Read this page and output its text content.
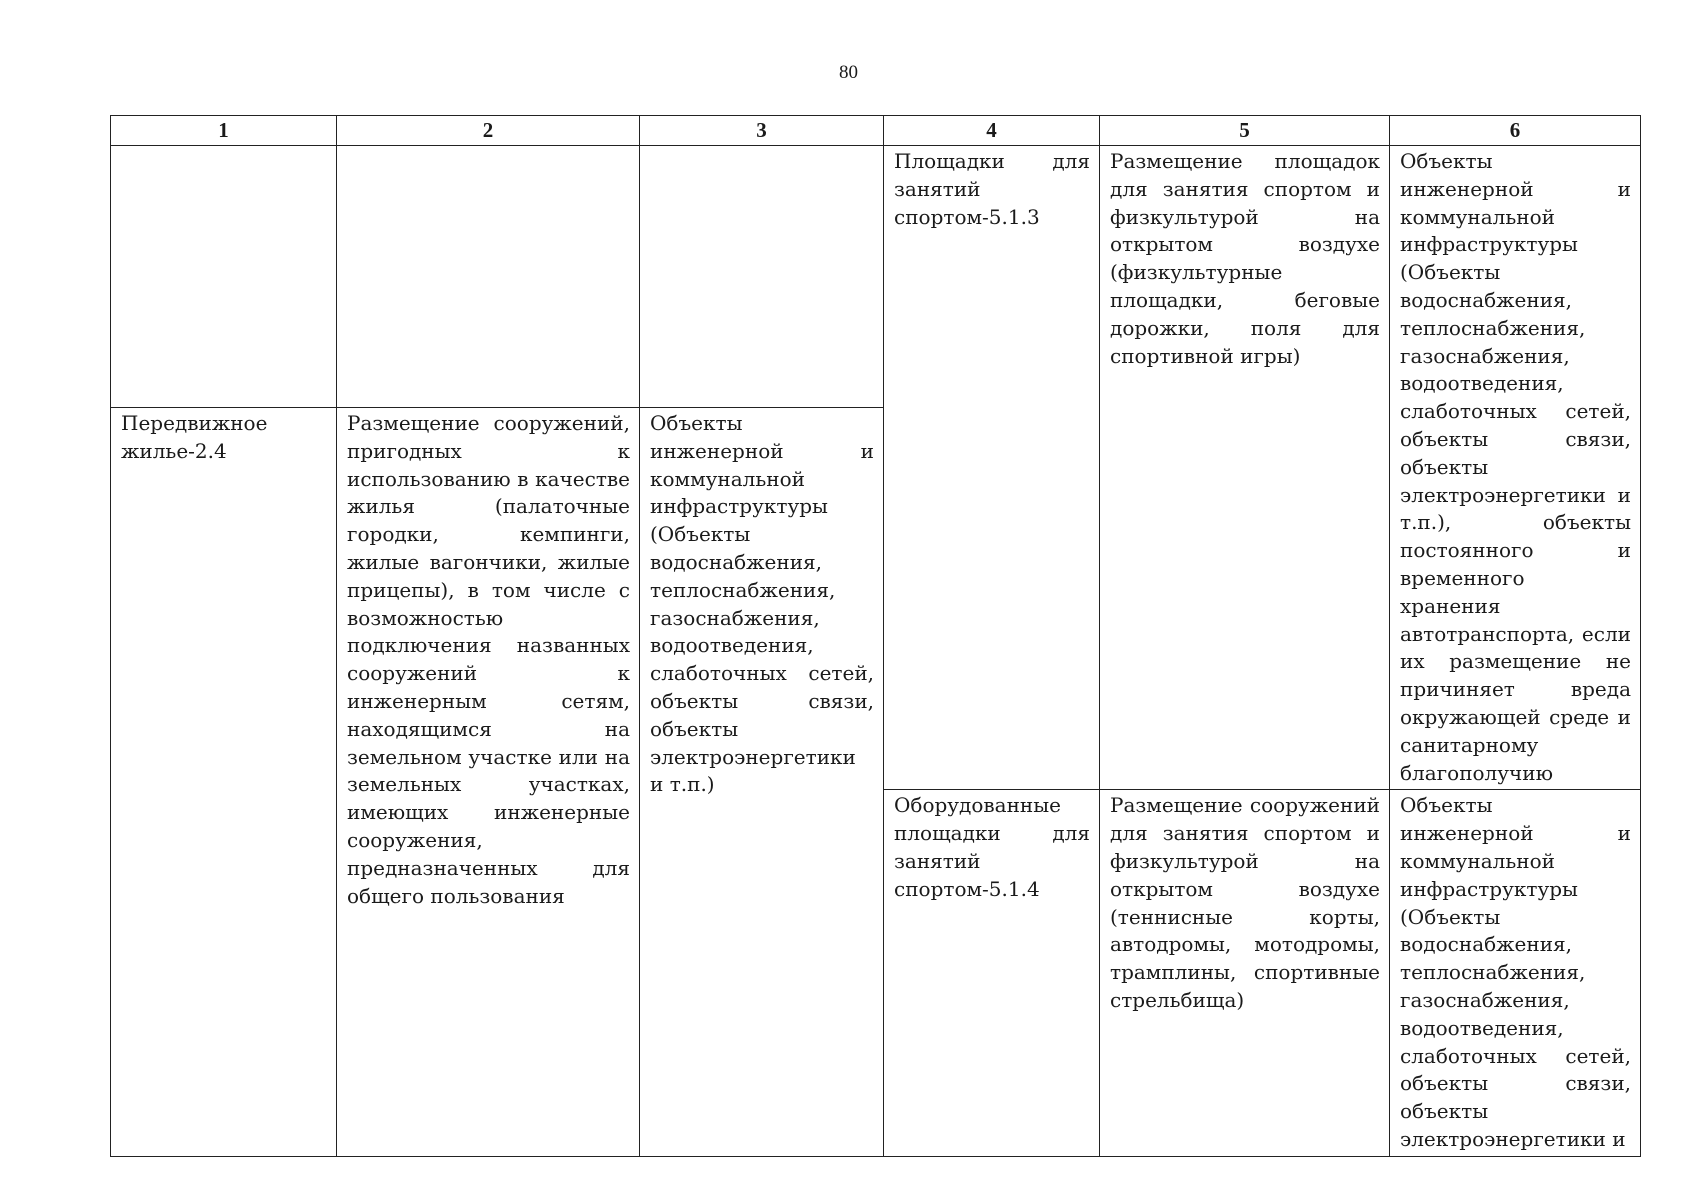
80
1	2	3	4	5	6

			Площадки для занятий спортом-5.1.3	Размещение площадок для занятия спортом и физкультурой на открытом воздухе (физкультурные площадки, беговые дорожки, поля для спортивной игры)	Объекты инженерной и коммунальной инфраструктуры (Объекты водоснабжения, теплоснабжения, газоснабжения, водоотведения, слаботочных сетей, объекты связи, объекты электроэнергетики и т.п.), объекты постоянного и временного хранения автотранспорта, если их размещение не причиняет вреда окружающей среде и санитарному благополучию

Передвижное жилье-2.4	Размещение сооружений, пригодных к использованию в качестве жилья (палаточные городки, кемпинги, жилые вагончики, жилые прицепы), в том числе с возможностью подключения названных сооружений к инженерным сетям, находящимся на земельном участке или на земельных участках, имеющих инженерные сооружения, предназначенных для общего пользования	Объекты инженерной и коммунальной инфраструктуры (Объекты водоснабжения, теплоснабжения, газоснабжения, водоотведения, слаботочных сетей, объекты связи, объекты электроэнергетики и т.п.)			

			Оборудованные площадки для занятий спортом-5.1.4	Размещение сооружений для занятия спортом и физкультурой на открытом воздухе (теннисные корты, автодромы, мотодромы, трамплины, спортивные стрельбища)	Объекты инженерной и коммунальной инфраструктуры (Объекты водоснабжения, теплоснабжения, газоснабжения, водоотведения, слаботочных сетей, объекты связи, объекты электроэнергетики и
